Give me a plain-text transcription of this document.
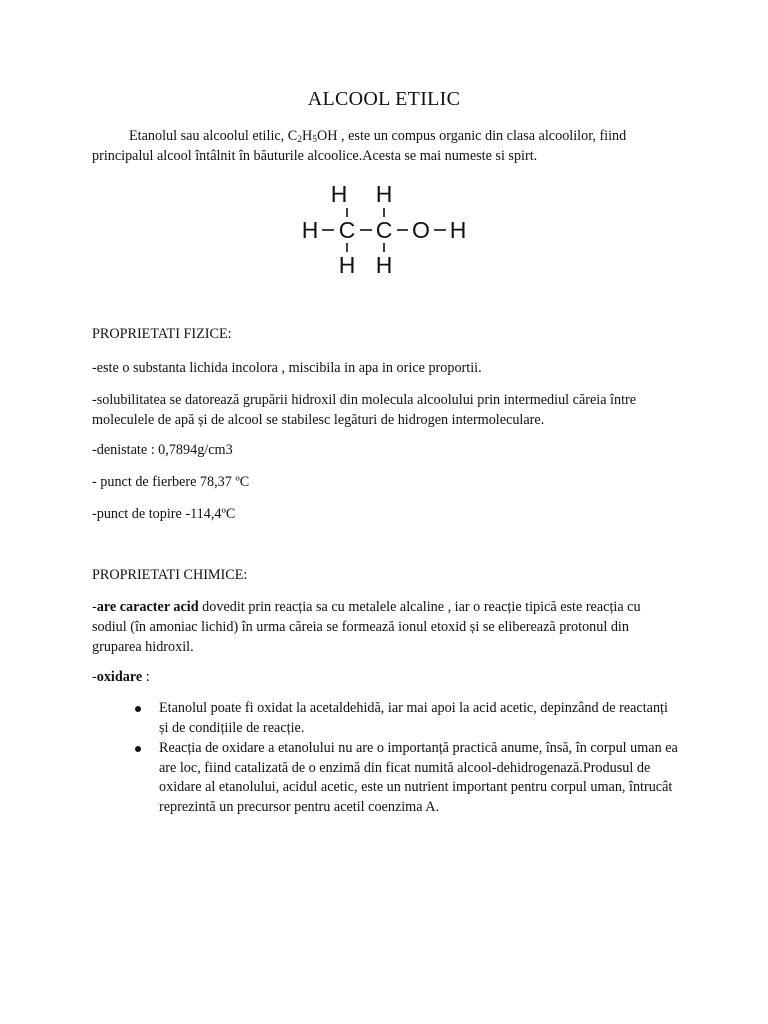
ALCOOL ETILIC
Etanolul sau alcoolul etilic, $C_2H_5OH$ , este un compus organic din clasa alcoolilor, fiind principalul alcool întâlnit în băuturile alcoolice.Acesta se mai numeste si spirt.
H H
H C C O H
H H
PROPRIETATI FIZICE:
-este o substanta lichida incolora , miscibila in apa in orice proportii.
-solubilitatea se datorează grupării hidroxil din molecula alcoolului prin intermediul căreia între moleculele de apă și de alcool se stabilesc legături de hidrogen intermoleculare.
-denistate : 0,7894g/cm3
- punct de fierbere 78,37 ºC
-punct de topire -114,4ºC
PROPRIETATI CHIMICE:
-are caracter acid dovedit prin reacția sa cu metalele alcaline , iar o reacție tipică este reacția cu sodiul (în amoniac lichid) în urma căreia se formează ionul etoxid și se eliberează protonul din gruparea hidroxil.
-oxidare :
Etanolul poate fi oxidat la acetaldehidă, iar mai apoi la acid acetic, depinzând de reactanți
și de condițiile de reacție.
Reacția de oxidare a etanolului nu are o importanță practică anume, însă, în corpul uman ea are loc, fiind catalizată de o enzimă din ficat numită alcool-dehidrogenază.Produsul de oxidare al etanolului, acidul acetic, este un nutrient important pentru corpul uman, întrucât reprezintă un precursor pentru acetil coenzima A.
